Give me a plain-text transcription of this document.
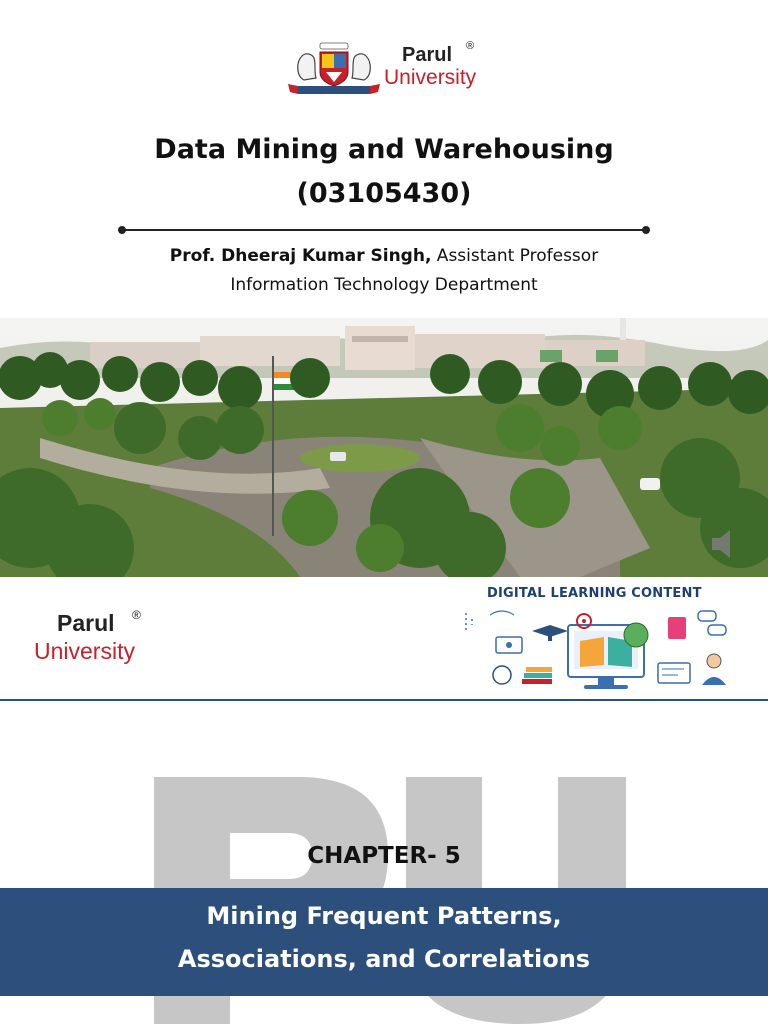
Parul ®
University
Data Mining and Warehousing
(03105430)
Prof. Dheeraj Kumar Singh, Assistant Professor
Information Technology Department
Parul ®
University
DIGITAL LEARNING CONTENT
CHAPTER- 5
Mining Frequent Patterns,
Associations, and Correlations
